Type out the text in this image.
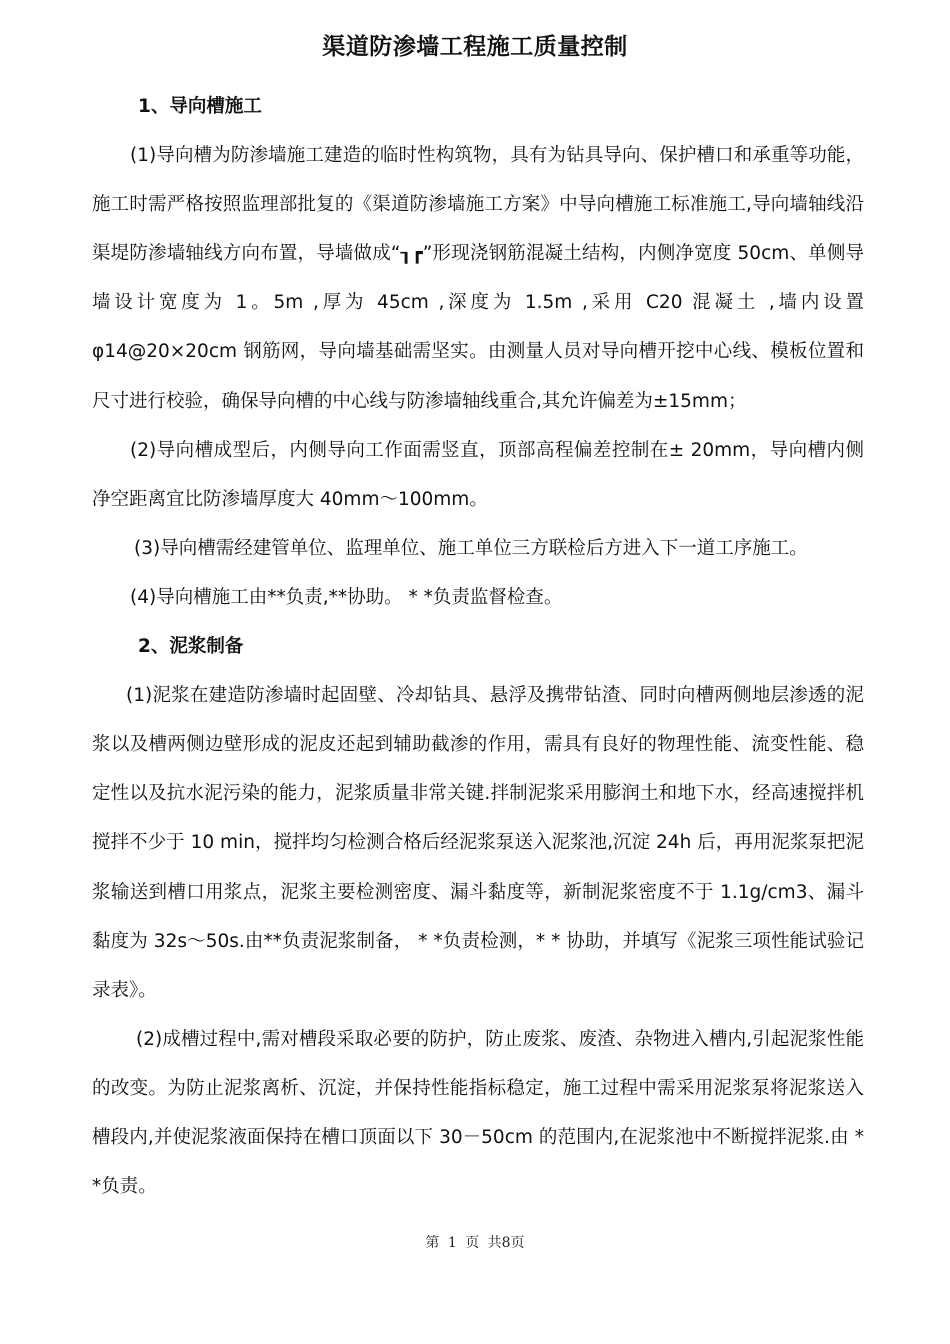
渠道防渗墙工程施工质量控制

1、导向槽施工

(1)导向槽为防渗墙施工建造的临时性构筑物，具有为钻具导向、保护槽口和承重等功能，施工时需严格按照监理部批复的《渠道防渗墙施工方案》中导向槽施工标准施工,导向墙轴线沿渠堤防渗墙轴线方向布置，导墙做成“┒┏”形现浇钢筋混凝土结构，内侧净宽度 50cm、单侧导墙设计宽度为 1。5m ,厚为 45cm ,深度为 1.5m ,采用 C20 混凝土 ,墙内设置φ14@20×20cm 钢筋网，导向墙基础需坚实。由测量人员对导向槽开挖中心线、模板位置和尺寸进行校验，确保导向槽的中心线与防渗墙轴线重合,其允许偏差为±15mm；

(2)导向槽成型后，内侧导向工作面需竖直，顶部高程偏差控制在± 20mm，导向槽内侧净空距离宜比防渗墙厚度大 40mm～100mm。

(3)导向槽需经建管单位、监理单位、施工单位三方联检后方进入下一道工序施工。

(4)导向槽施工由**负责,**协助。 * *负责监督检查。

2、泥浆制备

(1)泥浆在建造防渗墙时起固壁、冷却钻具、悬浮及携带钻渣、同时向槽两侧地层渗透的泥浆以及槽两侧边壁形成的泥皮还起到辅助截渗的作用，需具有良好的物理性能、流变性能、稳定性以及抗水泥污染的能力，泥浆质量非常关键.拌制泥浆采用膨润土和地下水，经高速搅拌机搅拌不少于 10 min，搅拌均匀检测合格后经泥浆泵送入泥浆池,沉淀 24h 后，再用泥浆泵把泥浆输送到槽口用浆点，泥浆主要检测密度、漏斗黏度等，新制泥浆密度不于 1.1g/cm3、漏斗黏度为 32s～50s.由**负责泥浆制备， * *负责检测，* * 协助，并填写《泥浆三项性能试验记录表》。

(2)成槽过程中,需对槽段采取必要的防护，防止废浆、废渣、杂物进入槽内,引起泥浆性能的改变。为防止泥浆离析、沉淀，并保持性能指标稳定，施工过程中需采用泥浆泵将泥浆送入槽段内,并使泥浆液面保持在槽口顶面以下 30－50cm 的范围内,在泥浆池中不断搅拌泥浆.由 * *负责。

第 1 页 共8页
